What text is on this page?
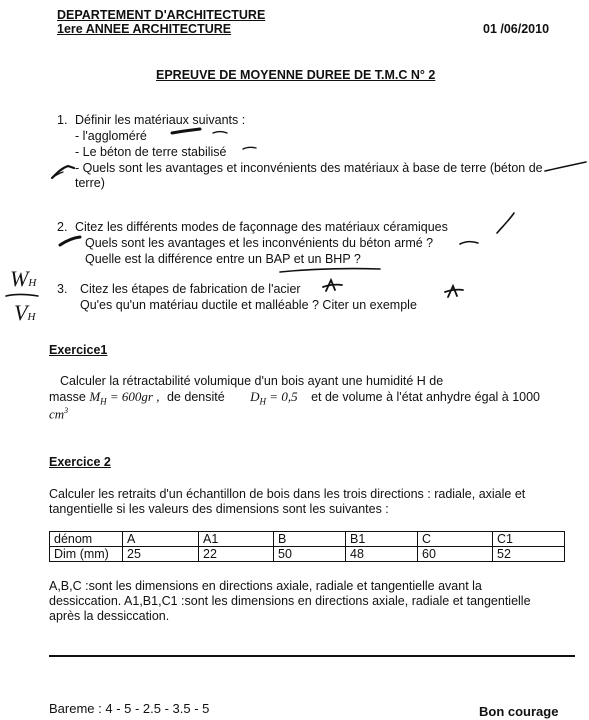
DEPARTEMENT D'ARCHITECTURE
1ere ANNEE ARCHITECTURE	01 /06/2010
EPREUVE DE MOYENNE DUREE DE T.M.C N° 2
1. Définir les matériaux suivants :
- l'aggloméré
- Le béton de terre stabilisé
- Quels sont les avantages et inconvénients des matériaux à base de terre (béton de
terre)
2. Citez les différents modes de façonnage des matériaux céramiques
Quels sont les avantages et les inconvénients du béton armé ?
Quelle est la différence entre un BAP et un BHP ?
3. Citez les étapes de fabrication de l'acier
Qu'es qu'un matériau ductile et malléable ? Citer un exemple
WH
VH
Exercice1
Calculer la rétractabilité volumique d'un bois ayant une humidité H de
masse $M_H = 600gr$ , de densité $D_H = 0,5$ et de volume à l'état anhydre égal à 1000
$cm^3$
Exercice 2
Calculer les retraits d'un échantillon de bois dans les trois directions : radiale, axiale et
tangentielle si les valeurs des dimensions sont les suivantes :
dénom	A	A1	B	B1	C	C1
Dim (mm)	25	22	50	48	60	52
A,B,C :sont les dimensions en directions axiale, radiale et tangentielle avant la
dessiccation. A1,B1,C1 :sont les dimensions en directions axiale, radiale et tangentielle
après la dessiccation.
Bareme : 4 - 5 - 2.5 - 3.5 - 5	Bon courage
